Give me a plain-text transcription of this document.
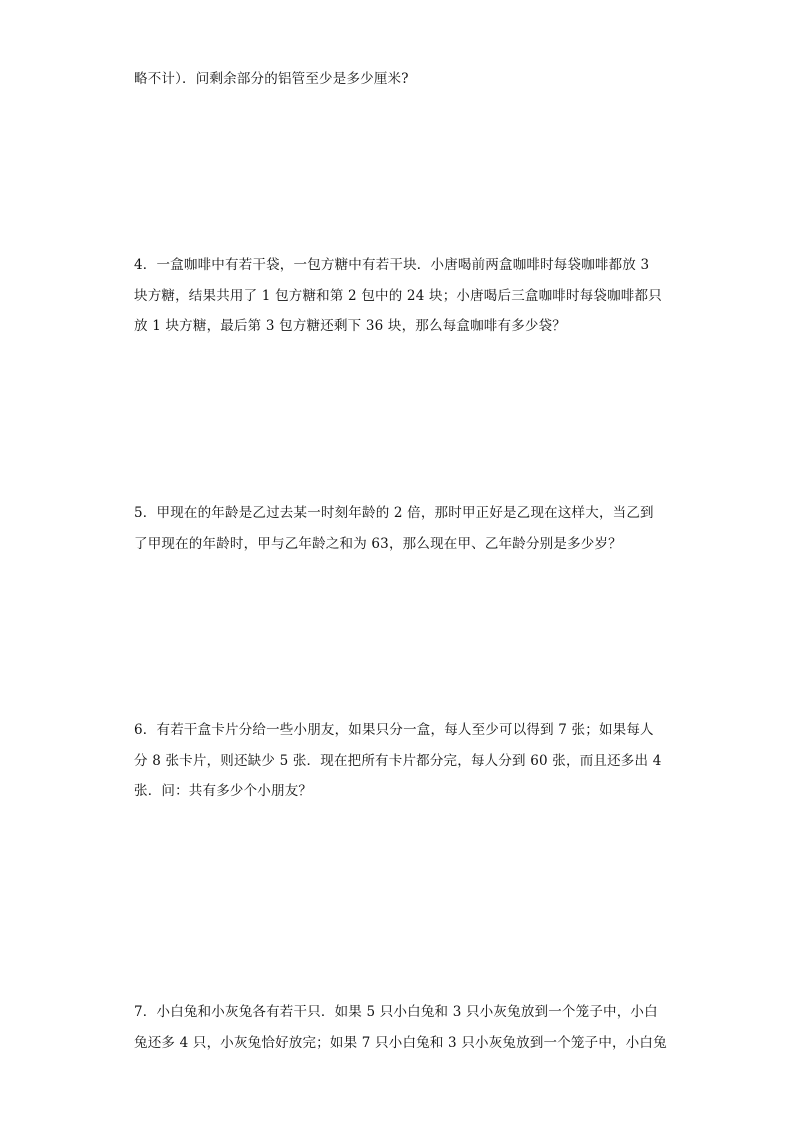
略不计）．问剩余部分的铝管至少是多少厘米?

4．一盒咖啡中有若干袋，一包方糖中有若干块．小唐喝前两盒咖啡时每袋咖啡都放 3
块方糖，结果共用了 1 包方糖和第 2 包中的 24 块；小唐喝后三盒咖啡时每袋咖啡都只
放 1 块方糖，最后第 3 包方糖还剩下 36 块，那么每盒咖啡有多少袋？

5．甲现在的年龄是乙过去某一时刻年龄的 2 倍，那时甲正好是乙现在这样大，当乙到
了甲现在的年龄时，甲与乙年龄之和为 63，那么现在甲、乙年龄分别是多少岁？

6．有若干盒卡片分给一些小朋友，如果只分一盒，每人至少可以得到 7 张；如果每人
分 8 张卡片，则还缺少 5 张．现在把所有卡片都分完，每人分到 60 张，而且还多出 4
张．问：共有多少个小朋友？

7．小白兔和小灰兔各有若干只．如果 5 只小白兔和 3 只小灰兔放到一个笼子中，小白
兔还多 4 只，小灰兔恰好放完；如果 7 只小白兔和 3 只小灰兔放到一个笼子中，小白兔
